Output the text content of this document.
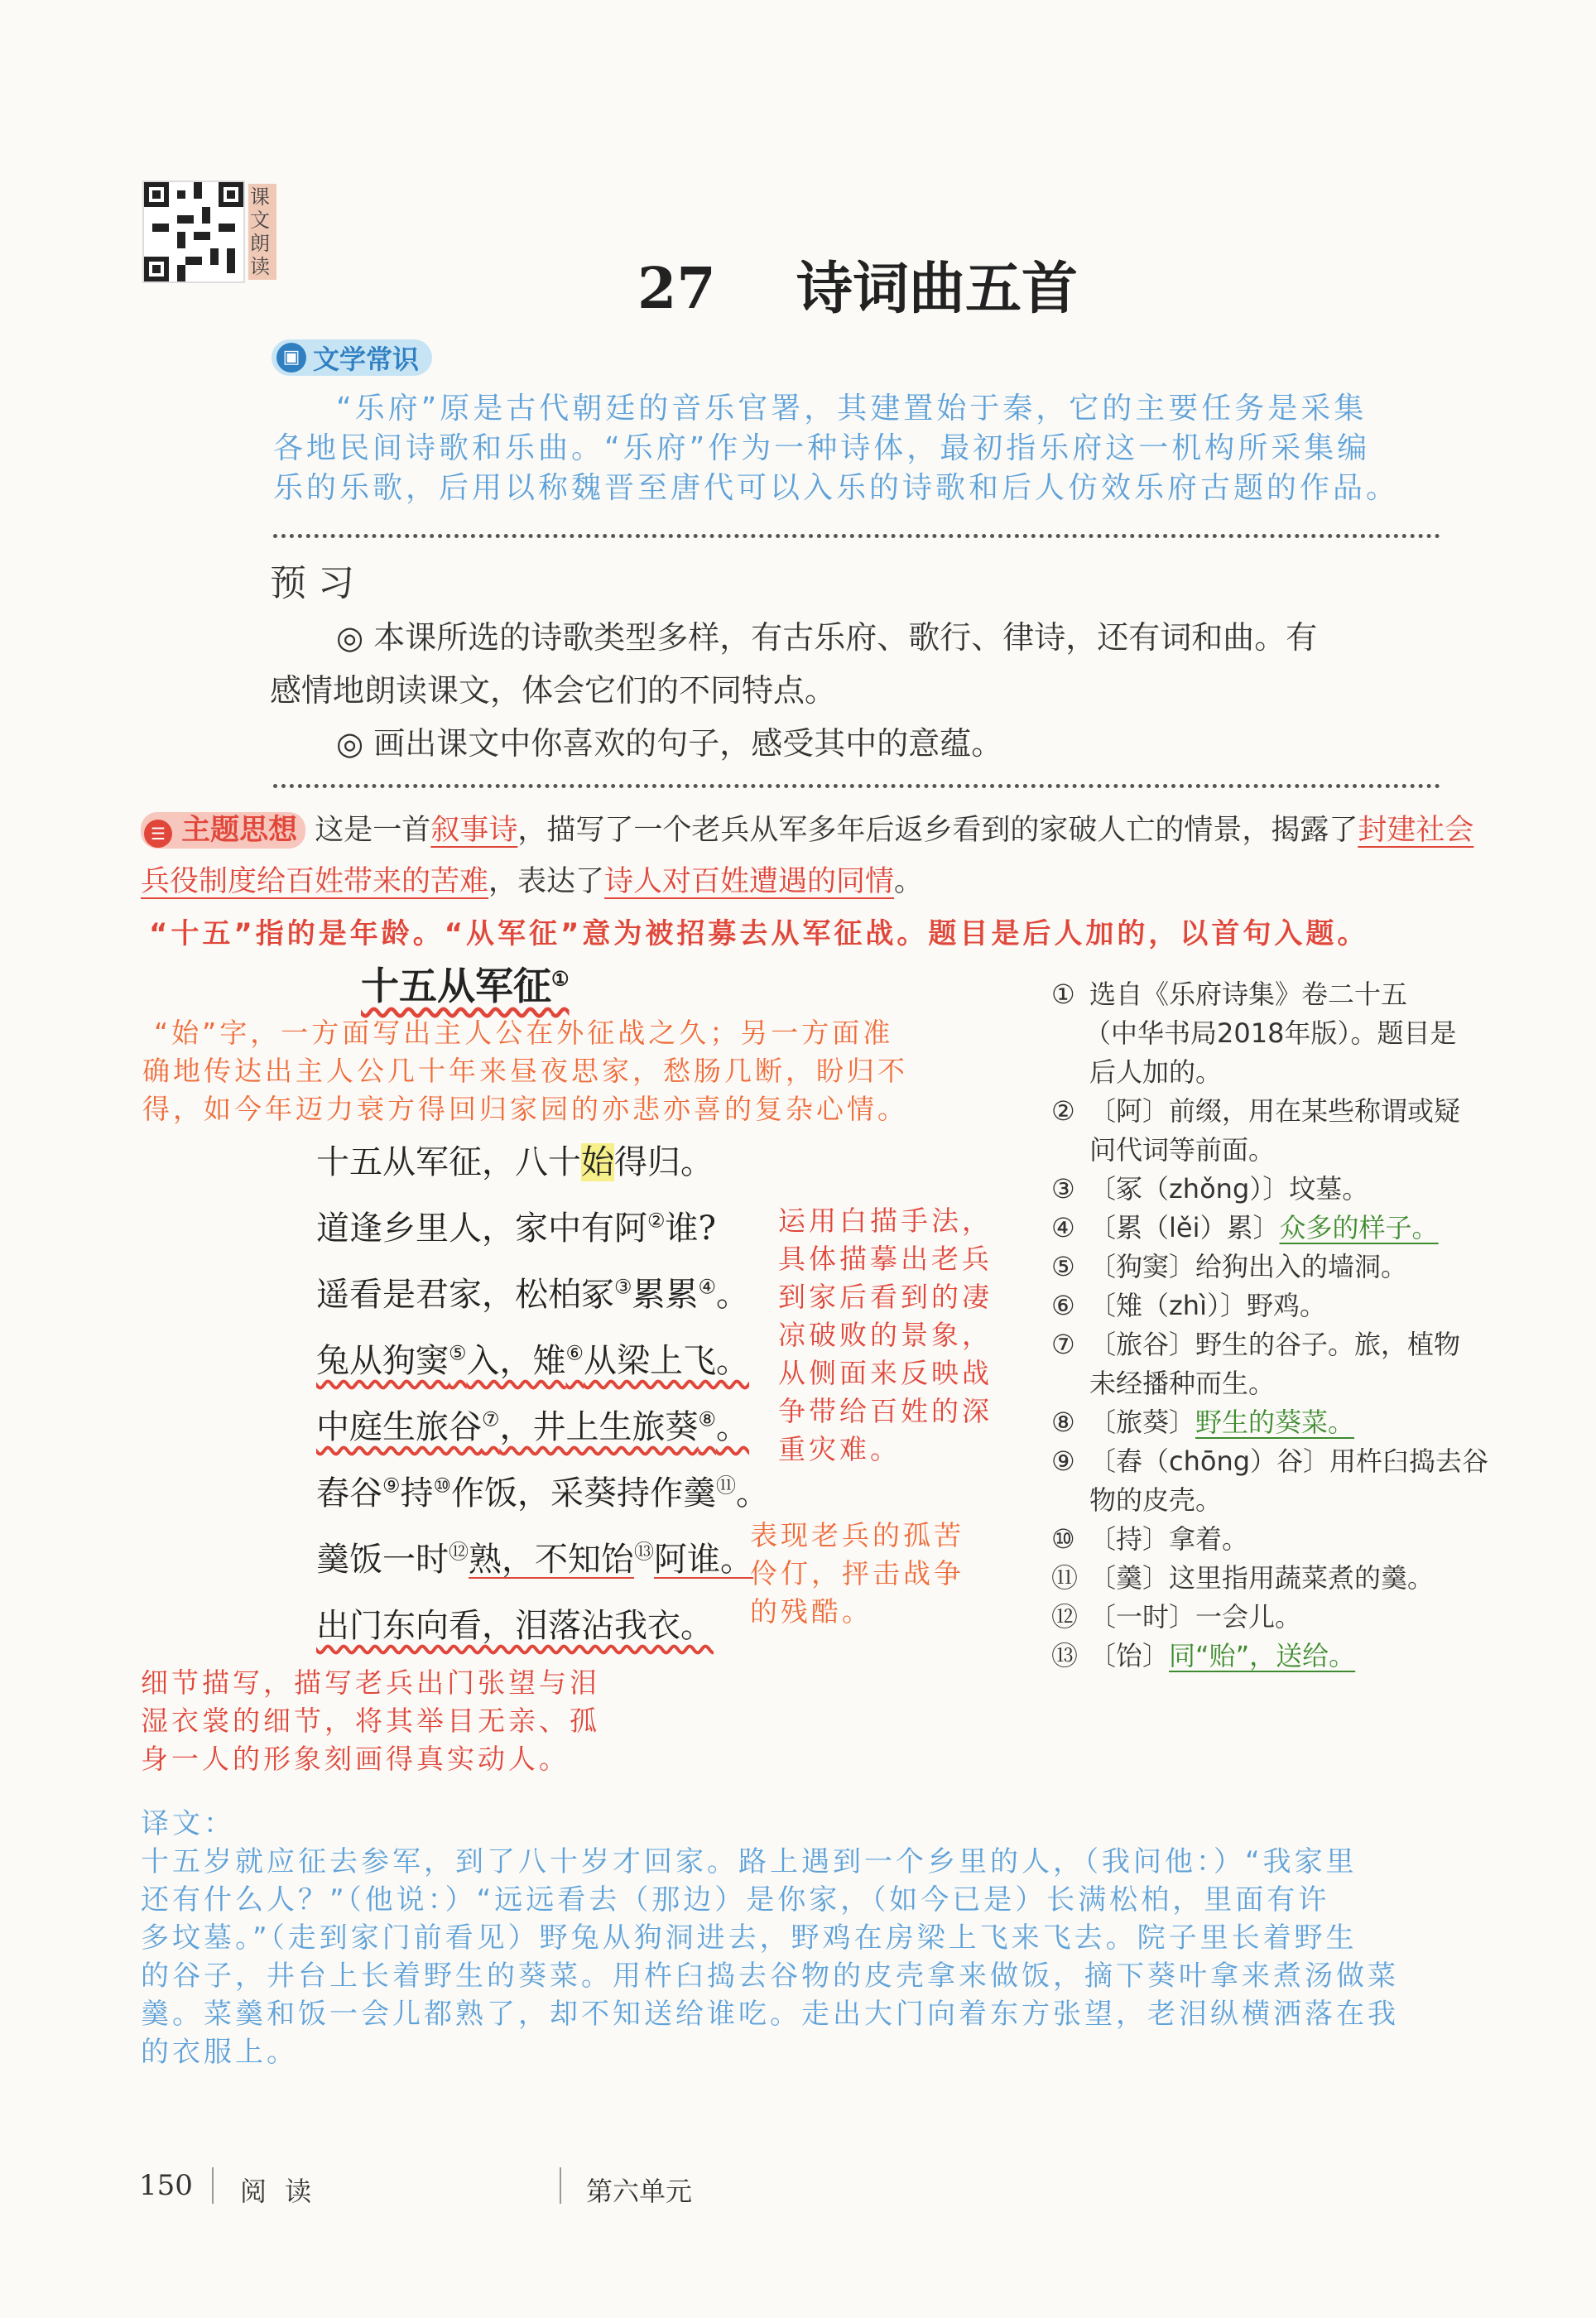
课文朗读	27 诗词曲五首
▣ 文学常识
“乐府”原是古代朝廷的音乐官署，其建置始于秦，它的主要任务是采集
各地民间诗歌和乐曲。“乐府”作为一种诗体，最初指乐府这一机构所采集编
乐的乐歌，后用以称魏晋至唐代可以入乐的诗歌和后人仿效乐府古题的作品。
预 习
◎ 本课所选的诗歌类型多样，有古乐府、歌行、律诗，还有词和曲。有
感情地朗读课文，体会它们的不同特点。
◎ 画出课文中你喜欢的句子，感受其中的意蕴。
☰ 主题思想 这是一首叙事诗，描写了一个老兵从军多年后返乡看到的家破人亡的情景，揭露了封建社会兵役制度给百姓带来的苦难，表达了诗人对百姓遭遇的同情。
“十五”指的是年龄。“从军征”意为被招募去从军征战。题目是后人加的，以首句入题。
十五从军征①
“始”字，一方面写出主人公在外征战之久；另一方面准
确地传达出主人公几十年来昼夜思家，愁肠几断，盼归不
得，如今年迈力衰方得回归家园的亦悲亦喜的复杂心情。
十五从军征，八十始得归。
道逢乡里人，家中有阿②谁?
遥看是君家，松柏冢③累累④。
兔从狗窦⑤入，雉⑥从梁上飞。
中庭生旅谷⑦，井上生旅葵⑧。
舂谷⑨持⑩作饭，采葵持作羹⑪。
羹饭一时⑫熟，不知饴⑬阿谁。
出门东向看，泪落沾我衣。
运用白描手法，
具体描摹出老兵
到家后看到的凄
凉破败的景象，
从侧面来反映战
争带给百姓的深
重灾难。
表现老兵的孤苦
伶仃，抨击战争
的残酷。
细节描写，描写老兵出门张望与泪
湿衣裳的细节，将其举目无亲、孤
身一人的形象刻画得真实动人。
① 选自《乐府诗集》卷二十五
（中华书局2018年版）。题目是
后人加的。
② 〔阿〕前缀，用在某些称谓或疑
问代词等前面。
③ 〔冢（zhǒng）〕坟墓。
④ 〔累（lěi）累〕众多的样子。
⑤ 〔狗窦〕给狗出入的墙洞。
⑥ 〔雉（zhì）〕野鸡。
⑦ 〔旅谷〕野生的谷子。旅，植物
未经播种而生。
⑧ 〔旅葵〕野生的葵菜。
⑨ 〔舂（chōng）谷〕用杵臼捣去谷
物的皮壳。
⑩ 〔持〕拿着。
⑪ 〔羹〕这里指用蔬菜煮的羹。
⑫ 〔一时〕一会儿。
⑬ 〔饴〕同“贻”，送给。
译文：
十五岁就应征去参军，到了八十岁才回家。路上遇到一个乡里的人，（我问他：）“我家里
还有什么人？”（他说：）“远远看去（那边）是你家，（如今已是）长满松柏，里面有许
多坟墓。”（走到家门前看见）野兔从狗洞进去，野鸡在房梁上飞来飞去。院子里长着野生
的谷子，井台上长着野生的葵菜。用杵臼捣去谷物的皮壳拿来做饭，摘下葵叶拿来煮汤做菜
羹。菜羹和饭一会儿都熟了，却不知送给谁吃。走出大门向着东方张望，老泪纵横洒落在我
的衣服上。
150 阅 读	第六单元
